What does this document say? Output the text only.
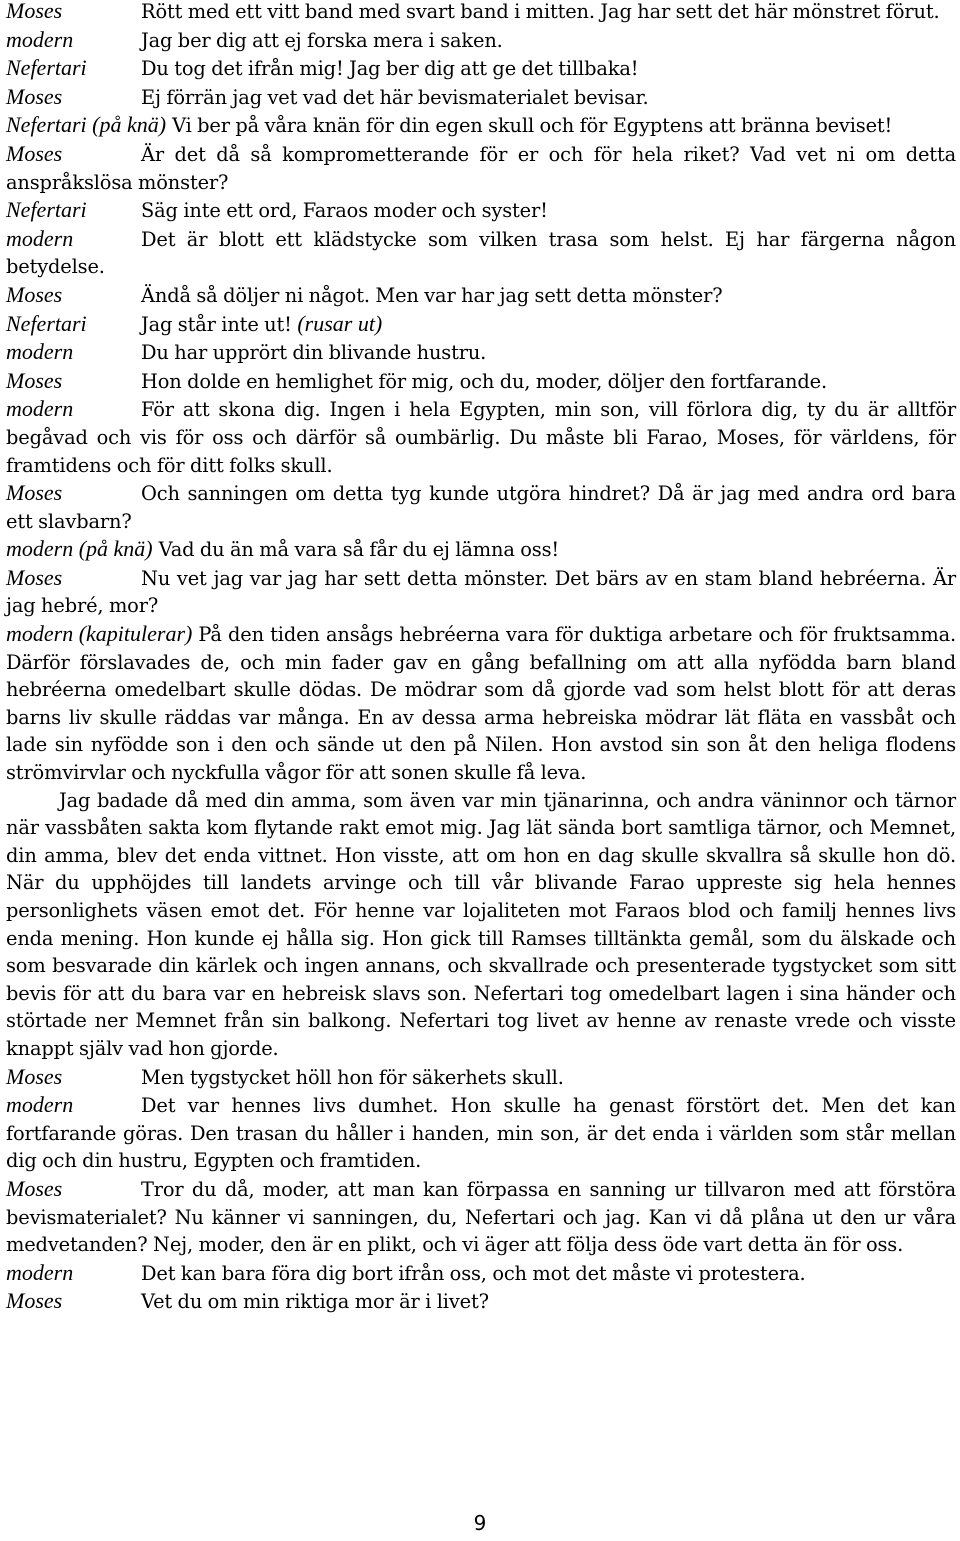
Moses	Rött med ett vitt band med svart band i mitten. Jag har sett det här mönstret förut.

modern	Jag ber dig att ej forska mera i saken.

Nefertari	Du tog det ifrån mig! Jag ber dig att ge det tillbaka!

Moses	Ej förrän jag vet vad det här bevismaterialet bevisar.

Nefertari (på knä) Vi ber på våra knän för din egen skull och för Egyptens att bränna beviset!

Moses	Är det då så komprometterande för er och för hela riket? Vad vet ni om detta anspråkslösa mönster?

Nefertari	Säg inte ett ord, Faraos moder och syster!

modern	Det är blott ett klädstycke som vilken trasa som helst. Ej har färgerna någon betydelse.

Moses	Ändå så döljer ni något. Men var har jag sett detta mönster?

Nefertari	Jag står inte ut! (rusar ut)

modern	Du har upprört din blivande hustru.

Moses	Hon dolde en hemlighet för mig, och du, moder, döljer den fortfarande.

modern	För att skona dig. Ingen i hela Egypten, min son, vill förlora dig, ty du är alltför begåvad och vis för oss och därför så oumbärlig. Du måste bli Farao, Moses, för världens, för framtidens och för ditt folks skull.

Moses	Och sanningen om detta tyg kunde utgöra hindret? Då är jag med andra ord bara ett slavbarn?

modern (på knä) Vad du än må vara så får du ej lämna oss!

Moses	Nu vet jag var jag har sett detta mönster. Det bärs av en stam bland hebréerna. Är jag hebré, mor?

modern (kapitulerar) På den tiden ansågs hebréerna vara för duktiga arbetare och för fruktsamma. Därför förslavades de, och min fader gav en gång befallning om att alla nyfödda barn bland hebréerna omedelbart skulle dödas. De mödrar som då gjorde vad som helst blott för att deras barns liv skulle räddas var många. En av dessa arma hebreiska mödrar lät fläta en vassbåt och lade sin nyfödde son i den och sände ut den på Nilen. Hon avstod sin son åt den heliga flodens strömvirvlar och nyckfulla vågor för att sonen skulle få leva.

Jag badade då med din amma, som även var min tjänarinna, och andra väninnor och tärnor när vassbåten sakta kom flytande rakt emot mig. Jag lät sända bort samtliga tärnor, och Memnet, din amma, blev det enda vittnet. Hon visste, att om hon en dag skulle skvallra så skulle hon dö. När du upphöjdes till landets arvinge och till vår blivande Farao uppreste sig hela hennes personlighets väsen emot det. För henne var lojaliteten mot Faraos blod och familj hennes livs enda mening. Hon kunde ej hålla sig. Hon gick till Ramses tilltänkta gemål, som du älskade och som besvarade din kärlek och ingen annans, och skvallrade och presenterade tygstycket som sitt bevis för att du bara var en hebreisk slavs son. Nefertari tog omedelbart lagen i sina händer och störtade ner Memnet från sin balkong. Nefertari tog livet av henne av renaste vrede och visste knappt själv vad hon gjorde.

Moses	Men tygstycket höll hon för säkerhets skull.

modern	Det var hennes livs dumhet. Hon skulle ha genast förstört det. Men det kan fortfarande göras. Den trasan du håller i handen, min son, är det enda i världen som står mellan dig och din hustru, Egypten och framtiden.

Moses	Tror du då, moder, att man kan förpassa en sanning ur tillvaron med att förstöra bevismaterialet? Nu känner vi sanningen, du, Nefertari och jag. Kan vi då plåna ut den ur våra medvetanden? Nej, moder, den är en plikt, och vi äger att följa dess öde vart detta än för oss.

modern	Det kan bara föra dig bort ifrån oss, och mot det måste vi protestera.

Moses	Vet du om min riktiga mor är i livet?

9
